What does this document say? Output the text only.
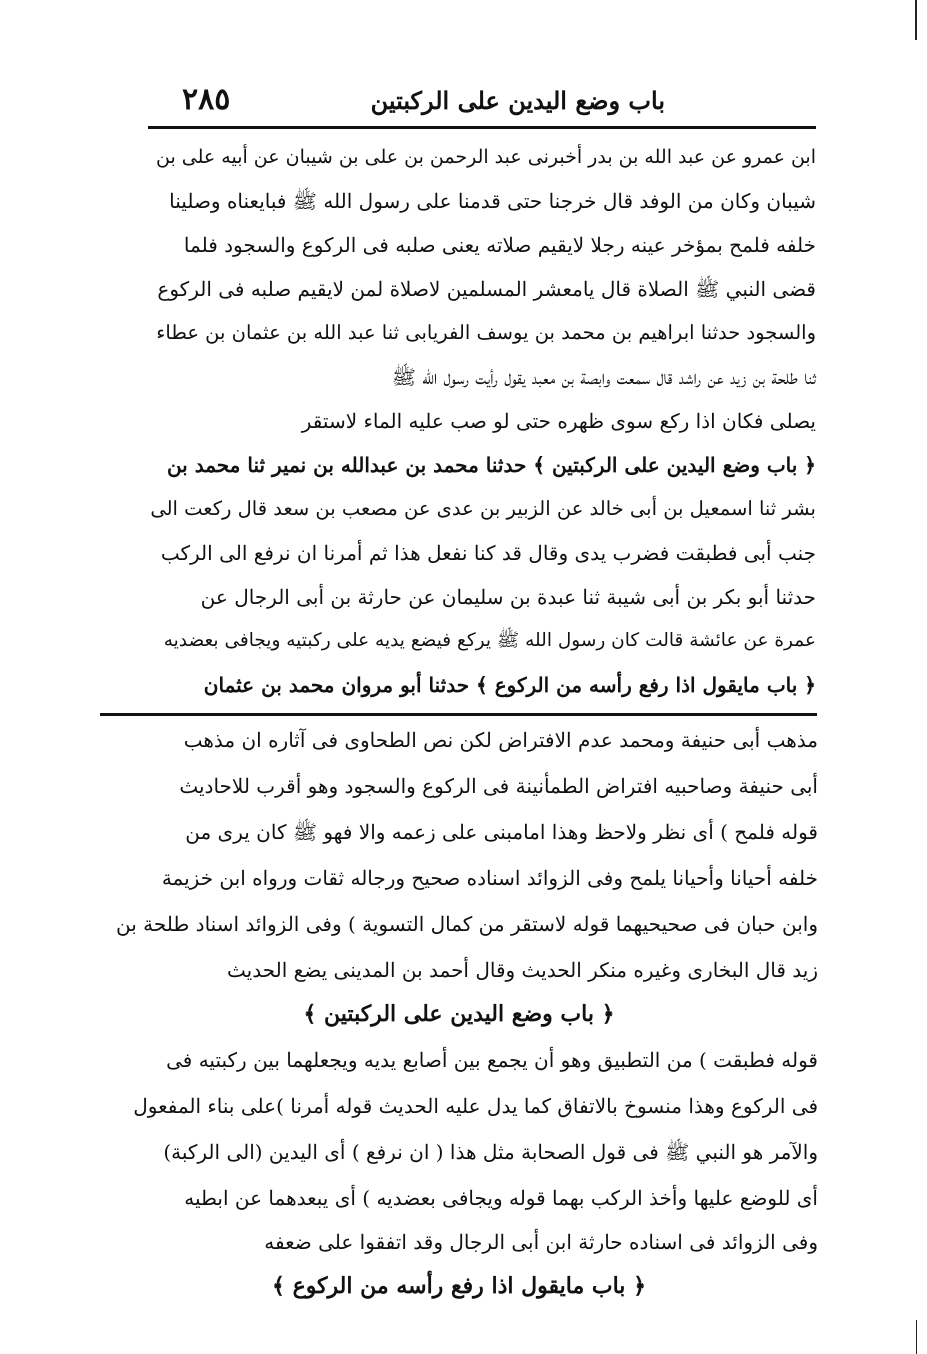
باب وضع اليدين على الركبتين
٢٨٥
ابن عمرو عن عبد الله بن بدر أخبرنى عبد الرحمن بن على بن شيبان عن أبيه على بن
شيبان وكان من الوفد قال خرجنا حتى قدمنا على رسول الله ﷺ فبايعناه وصلينا
خلفه فلمح بمؤخر عينه رجلا لايقيم صلاته يعنى صلبه فى الركوع والسجود فلما
قضى النبي ﷺ الصلاة قال يامعشر المسلمين لاصلاة لمن لايقيم صلبه فى الركوع
والسجود حدثنا ابراهيم بن محمد بن يوسف الفريابى ثنا عبد الله بن عثمان بن عطاء
ثنا طلحة بن زيد عن راشد قال سمعت وابصة بن معبد يقول رأيت رسول الله ﷺ
يصلى فكان اذا ركع سوى ظهره حتى لو صب عليه الماء لاستقر
﴿ باب وضع اليدين على الركبتين ﴾ حدثنا محمد بن عبدالله بن نمير ثنا محمد بن
بشر ثنا اسمعيل بن أبى خالد عن الزبير بن عدى عن مصعب بن سعد قال ركعت الى
جنب أبى فطبقت فضرب يدى وقال قد كنا نفعل هذا ثم أمرنا ان نرفع الى الركب
حدثنا أبو بكر بن أبى شيبة ثنا عبدة بن سليمان عن حارثة بن أبى الرجال عن
عمرة عن عائشة قالت كان رسول الله ﷺ يركع فيضع يديه على ركبتيه ويجافى بعضديه
﴿ باب مايقول اذا رفع رأسه من الركوع ﴾ حدثنا أبو مروان محمد بن عثمان
مذهب أبى حنيفة ومحمد عدم الافتراض لكن نص الطحاوى فى آثاره ان مذهب
أبى حنيفة وصاحبيه افتراض الطمأنينة فى الركوع والسجود وهو أقرب للاحاديث
قوله فلمح ) أى نظر ولاحظ وهذا امامبنى على زعمه والا فهو ﷺ كان يرى من
خلفه أحيانا وأحيانا يلمح وفى الزوائد اسناده صحيح ورجاله ثقات ورواه ابن خزيمة
وابن حبان فى صحيحيهما قوله لاستقر من كمال التسوية ) وفى الزوائد اسناد طلحة بن
زيد قال البخارى وغيره منكر الحديث وقال أحمد بن المدينى يضع الحديث
﴿ باب وضع اليدين على الركبتين ﴾
قوله فطبقت ) من التطبيق وهو أن يجمع بين أصابع يديه ويجعلهما بين ركبتيه فى
فى الركوع وهذا منسوخ بالاتفاق كما يدل عليه الحديث قوله أمرنا )على بناء المفعول
والآمر هو النبي ﷺ فى قول الصحابة مثل هذا ( ان نرفع ) أى اليدين (الى الركبة)
أى للوضع عليها وأخذ الركب بهما قوله ويجافى بعضديه ) أى يبعدهما عن ابطيه
وفى الزوائد فى اسناده حارثة ابن أبى الرجال وقد اتفقوا على ضعفه
﴿ باب مايقول اذا رفع رأسه من الركوع ﴾
